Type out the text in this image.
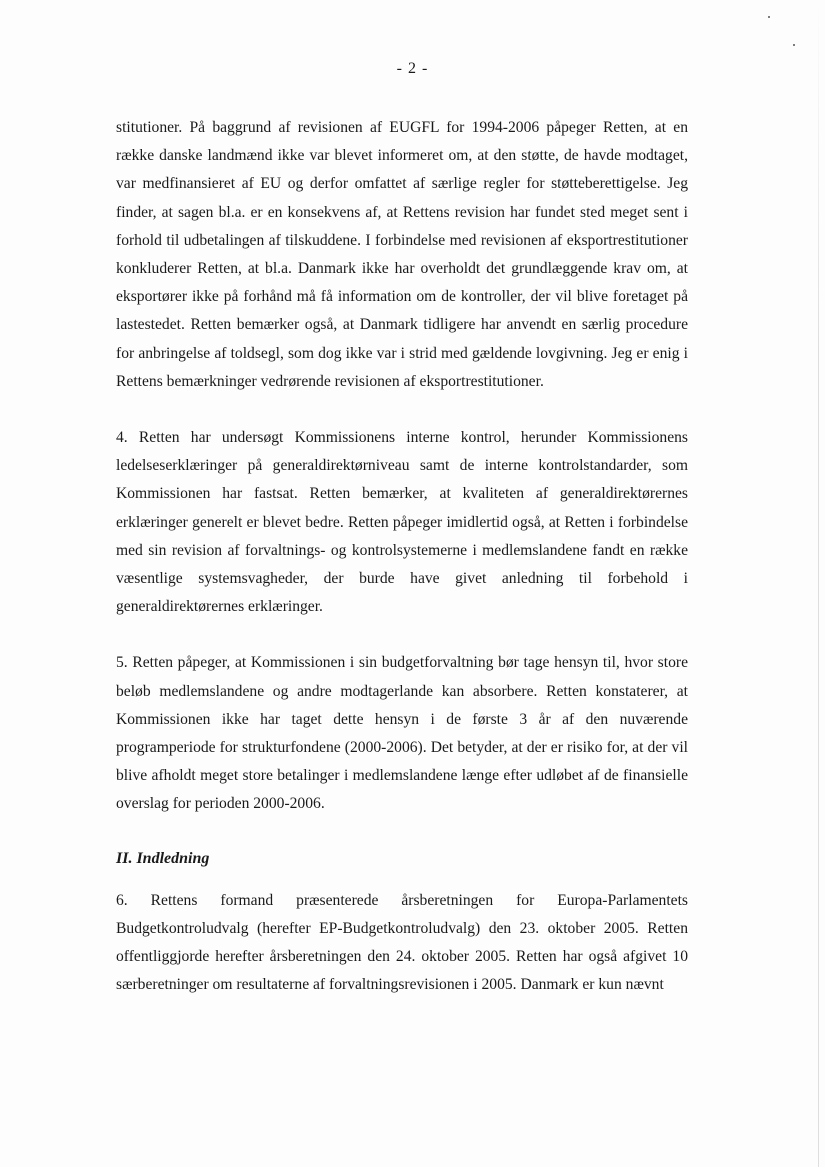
- 2 -

stitutioner. På baggrund af revisionen af EUGFL for 1994-2006 påpeger Retten, at en række danske landmænd ikke var blevet informeret om, at den støtte, de havde modtaget, var medfinansieret af EU og derfor omfattet af særlige regler for støtteberettigelse. Jeg finder, at sagen bl.a. er en konsekvens af, at Rettens revision har fundet sted meget sent i forhold til udbetalingen af tilskuddene. I forbindelse med revisionen af eksportrestitutioner konkluderer Retten, at bl.a. Danmark ikke har overholdt det grundlæggende krav om, at eksportører ikke på forhånd må få information om de kontroller, der vil blive foretaget på lastestedet. Retten bemærker også, at Danmark tidligere har anvendt en særlig procedure for anbringelse af toldsegl, som dog ikke var i strid med gældende lovgivning. Jeg er enig i Rettens bemærkninger vedrørende revisionen af eksportrestitutioner.

4. Retten har undersøgt Kommissionens interne kontrol, herunder Kommissionens ledelseserklæringer på generaldirektørniveau samt de interne kontrolstandarder, som Kommissionen har fastsat. Retten bemærker, at kvaliteten af generaldirektørernes erklæringer generelt er blevet bedre. Retten påpeger imidlertid også, at Retten i forbindelse med sin revision af forvaltnings- og kontrolsystemerne i medlemslandene fandt en række væsentlige systemsvagheder, der burde have givet anledning til forbehold i generaldirektørernes erklæringer.

5. Retten påpeger, at Kommissionen i sin budgetforvaltning bør tage hensyn til, hvor store beløb medlemslandene og andre modtagerlande kan absorbere. Retten konstaterer, at Kommissionen ikke har taget dette hensyn i de første 3 år af den nuværende programperiode for strukturfondene (2000-2006). Det betyder, at der er risiko for, at der vil blive afholdt meget store betalinger i medlemslandene længe efter udløbet af de finansielle overslag for perioden 2000-2006.

II. Indledning

6. Rettens formand præsenterede årsberetningen for Europa-Parlamentets Budgetkontroludvalg (herefter EP-Budgetkontroludvalg) den 23. oktober 2005. Retten offentliggjorde herefter årsberetningen den 24. oktober 2005. Retten har også afgivet 10 særberetninger om resultaterne af forvaltningsrevisionen i 2005. Danmark er kun nævnt
